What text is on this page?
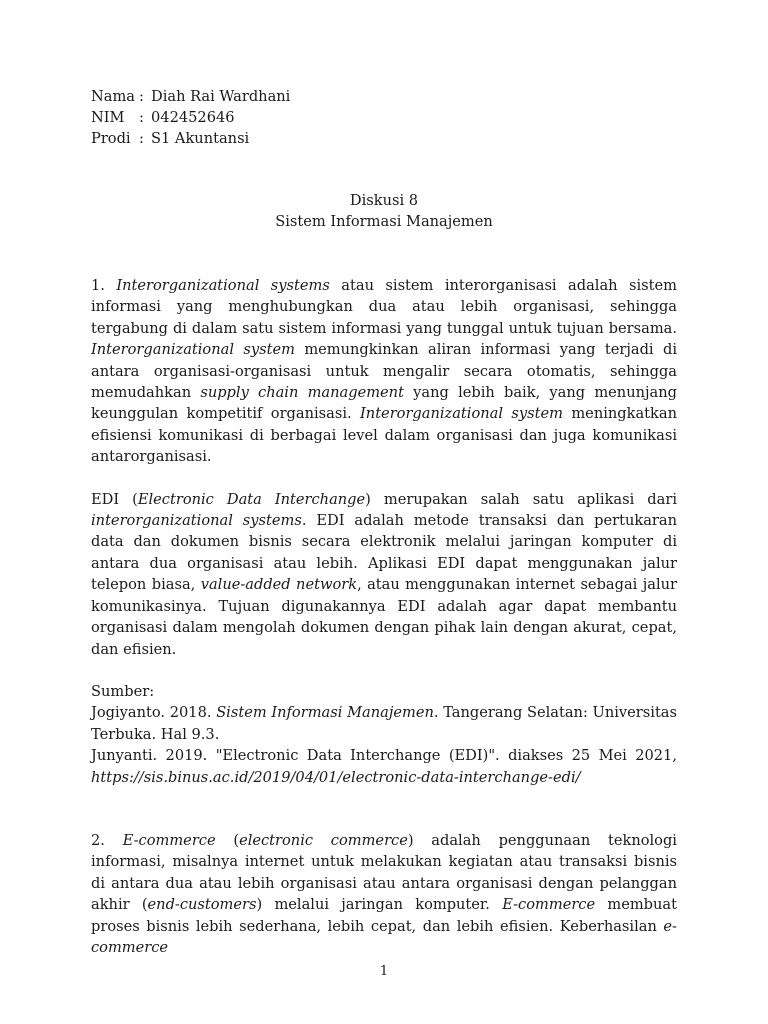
Nama : Diah Rai Wardhani
NIM : 042452646
Prodi : S1 Akuntansi
Diskusi 8
Sistem Informasi Manajemen

1. Interorganizational systems atau sistem interorganisasi adalah sistem informasi yang menghubungkan dua atau lebih organisasi, sehingga tergabung di dalam satu sistem informasi yang tunggal untuk tujuan bersama. Interorganizational system memungkinkan aliran informasi yang terjadi di antara organisasi-organisasi untuk mengalir secara otomatis, sehingga memudahkan supply chain management yang lebih baik, yang menunjang keunggulan kompetitif organisasi. Interorganizational system meningkatkan efisiensi komunikasi di berbagai level dalam organisasi dan juga komunikasi antarorganisasi.

EDI (Electronic Data Interchange) merupakan salah satu aplikasi dari interorganizational systems. EDI adalah metode transaksi dan pertukaran data dan dokumen bisnis secara elektronik melalui jaringan komputer di antara dua organisasi atau lebih. Aplikasi EDI dapat menggunakan jalur telepon biasa, value-added network, atau menggunakan internet sebagai jalur komunikasinya. Tujuan digunakannya EDI adalah agar dapat membantu organisasi dalam mengolah dokumen dengan pihak lain dengan akurat, cepat, dan efisien.

Sumber:

Jogiyanto. 2018. Sistem Informasi Manajemen. Tangerang Selatan: Universitas Terbuka. Hal 9.3.

Junyanti. 2019. "Electronic Data Interchange (EDI)". diakses 25 Mei 2021, https://sis.binus.ac.id/2019/04/01/electronic-data-interchange-edi/

2. E-commerce (electronic commerce) adalah penggunaan teknologi informasi, misalnya internet untuk melakukan kegiatan atau transaksi bisnis di antara dua atau lebih organisasi atau antara organisasi dengan pelanggan akhir (end-customers) melalui jaringan komputer. E-commerce membuat proses bisnis lebih sederhana, lebih cepat, dan lebih efisien. Keberhasilan e-commerce

1
